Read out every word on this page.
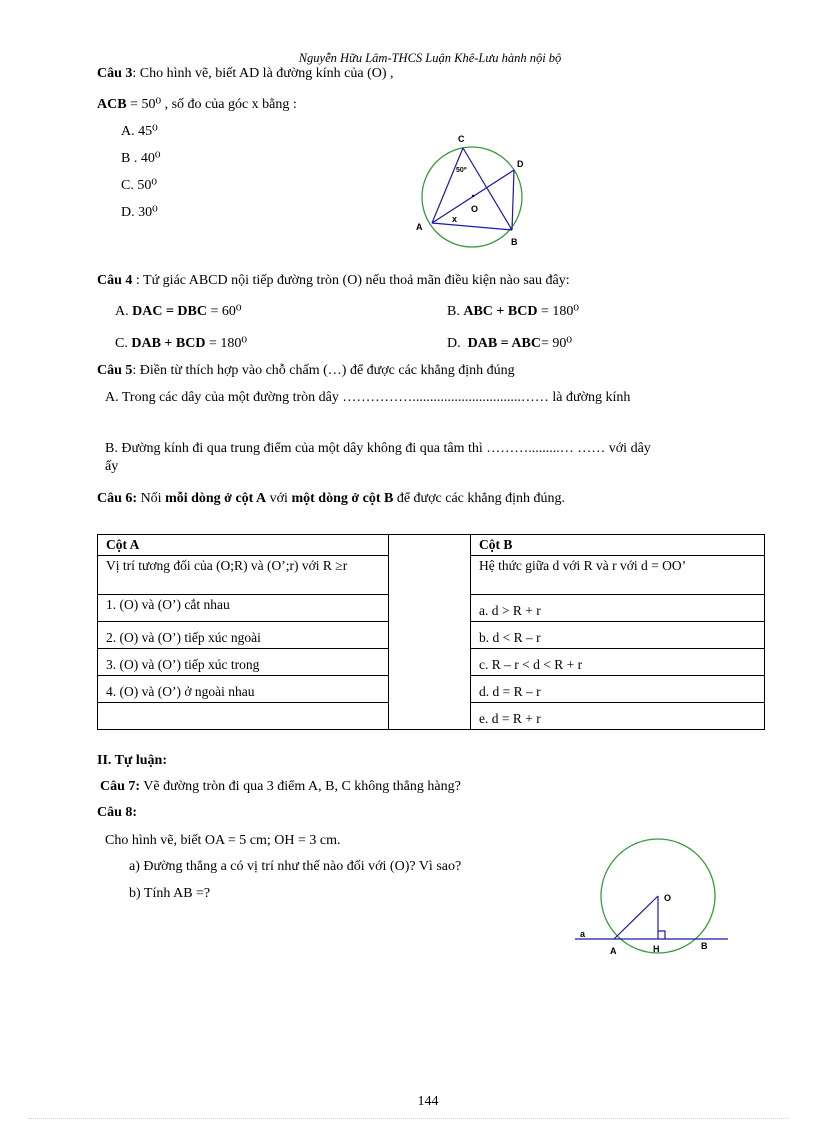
Nguyễn Hữu Lâm-THCS Luận Khê-Lưu hành nội bộ
Câu 3: Cho hình vẽ, biết AD là đường kính của (O) ,
ACB = 50⁰ , số đo của góc x bằng :
A. 45⁰
B . 40⁰
C. 50⁰
D. 30⁰
C
D
A
B
O
x
50⁰
Câu 4 : Tứ giác ABCD nội tiếp đường tròn (O) nếu thoả mãn điều kiện nào sau đây:
A. DAC = DBC = 60⁰	B. ABC + BCD = 180⁰
C. DAB + BCD = 180⁰	D. DAB = ABC= 90⁰
Câu 5: Điền từ thích hợp vào chỗ chấm (…) để được các khẳng định đúng
A. Trong các dây của một đường tròn dây ……………...............................…… là đường kính
B. Đường kính đi qua trung điểm của một dây không đi qua tâm thì ……….........… …… với dây
ấy
Câu 6: Nối mỗi dòng ở cột A với một dòng ở cột B để được các khẳng định đúng.
Cột A		Cột B
Vị trí tương đối của (O;R) và (O’;r) với R ≥r		Hệ thức giữa d với R và r với d = OO’
1. (O) và (O’) cắt nhau		a. d > R + r
2. (O) và (O’) tiếp xúc ngoài		b. d < R – r
3. (O) và (O’) tiếp xúc trong		c. R – r < d < R + r
4. (O) và (O’) ở ngoài nhau		d. d = R – r
		e. d = R + r
II. Tự luận:
Câu 7: Vẽ đường tròn đi qua 3 điểm A, B, C không thẳng hàng?
Câu 8:
Cho hình vẽ, biết OA = 5 cm; OH = 3 cm.
a) Đường thẳng a có vị trí như thế nào đối với (O)? Vì sao?
b) Tính AB =?
a
A	H	B
O
144
